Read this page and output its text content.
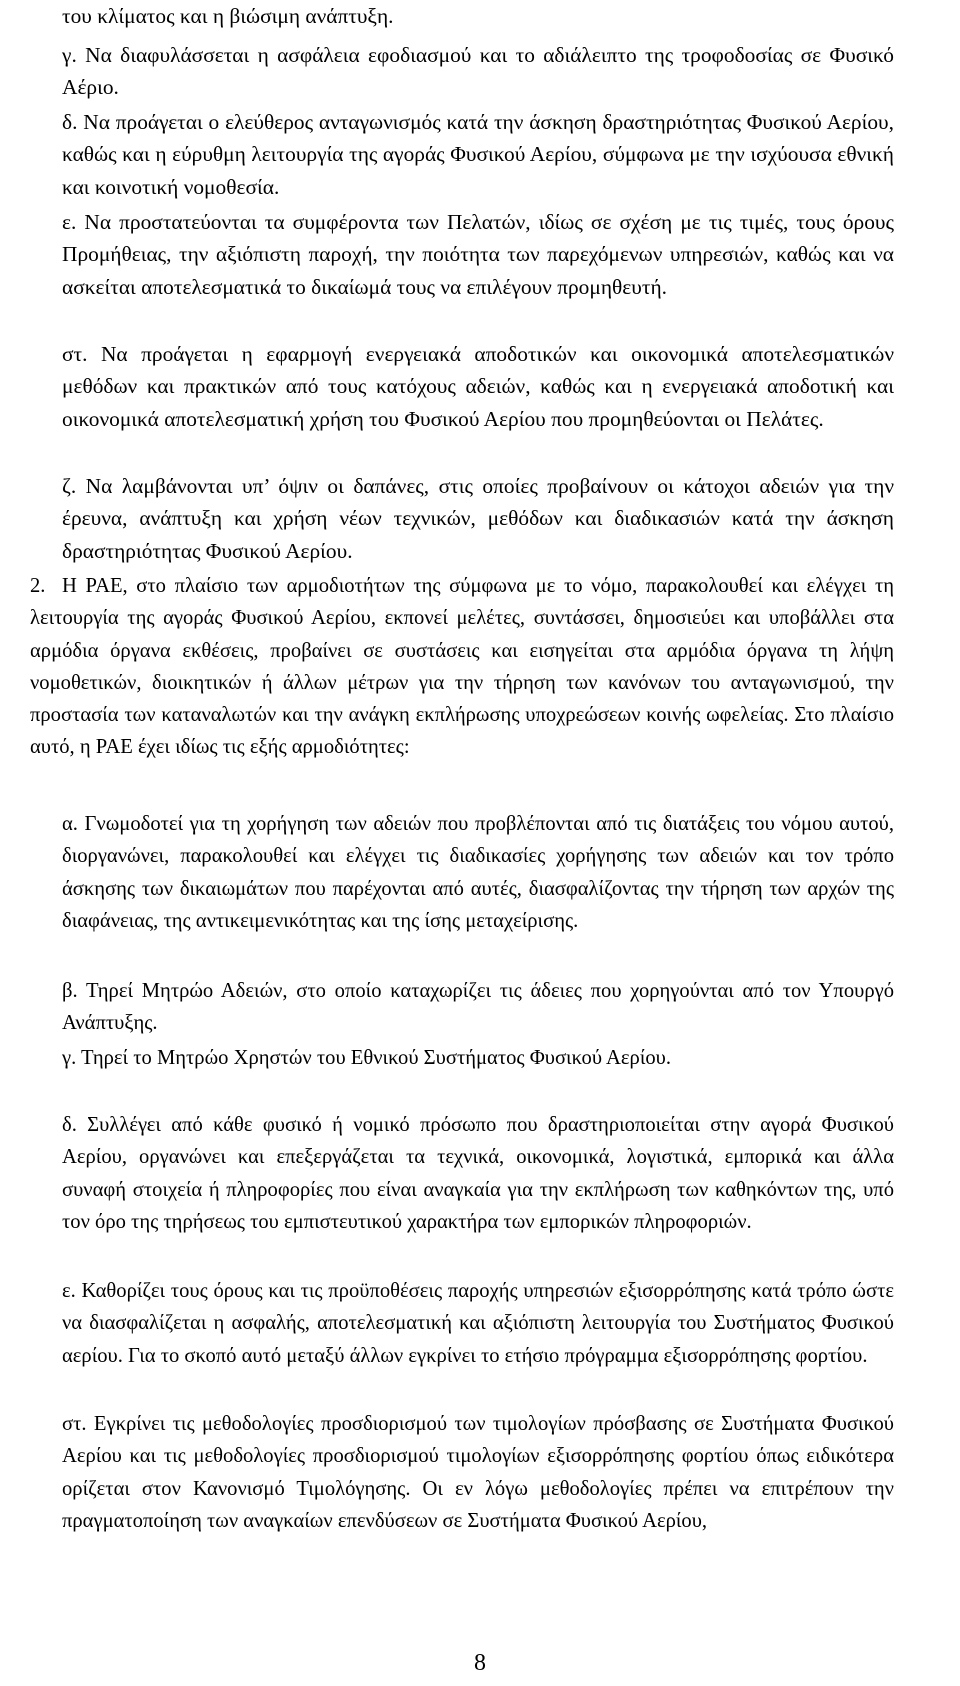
του κλίματος και η βιώσιμη ανάπτυξη.

γ. Να διαφυλάσσεται η ασφάλεια εφοδιασμού και το αδιάλειπτο της τροφοδοσίας σε Φυσικό Αέριο.

δ. Να προάγεται ο ελεύθερος ανταγωνισμός κατά την άσκηση δραστηριότητας Φυσικού Αερίου, καθώς και η εύρυθμη λειτουργία της αγοράς Φυσικού Αερίου, σύμφωνα με την ισχύουσα εθνική και κοινοτική νομοθεσία.

ε. Να προστατεύονται τα συμφέροντα των Πελατών, ιδίως σε σχέση με τις τιμές, τους όρους Προμήθειας, την αξιόπιστη παροχή, την ποιότητα των παρεχόμενων υπηρεσιών, καθώς και να ασκείται αποτελεσματικά το δικαίωμά τους να επιλέγουν προμηθευτή.

στ. Να προάγεται η εφαρμογή ενεργειακά αποδοτικών και οικονομικά αποτελεσματικών μεθόδων και πρακτικών από τους κατόχους αδειών, καθώς και η ενεργειακά αποδοτική και οικονομικά αποτελεσματική χρήση του Φυσικού Αερίου που προμηθεύονται οι Πελάτες.

ζ. Να λαμβάνονται υπ’ όψιν οι δαπάνες, στις οποίες προβαίνουν οι κάτοχοι αδειών για την έρευνα, ανάπτυξη και χρήση νέων τεχνικών, μεθόδων και διαδικασιών κατά την άσκηση δραστηριότητας Φυσικού Αερίου.

2. Η ΡΑΕ, στο πλαίσιο των αρμοδιοτήτων της σύμφωνα με το νόμο, παρακολουθεί και ελέγχει τη λειτουργία της αγοράς Φυσικού Αερίου, εκπονεί μελέτες, συντάσσει, δημοσιεύει και υποβάλλει στα αρμόδια όργανα εκθέσεις, προβαίνει σε συστάσεις και εισηγείται στα αρμόδια όργανα τη λήψη νομοθετικών, διοικητικών ή άλλων μέτρων για την τήρηση των κανόνων του ανταγωνισμού, την προστασία των καταναλωτών και την ανάγκη εκπλήρωσης υποχρεώσεων κοινής ωφελείας. Στο πλαίσιο αυτό, η ΡΑΕ έχει ιδίως τις εξής αρμοδιότητες:

α. Γνωμοδοτεί για τη χορήγηση των αδειών που προβλέπονται από τις διατάξεις του νόμου αυτού, διοργανώνει, παρακολουθεί και ελέγχει τις διαδικασίες χορήγησης των αδειών και τον τρόπο άσκησης των δικαιωμάτων που παρέχονται από αυτές, διασφαλίζοντας την τήρηση των αρχών της διαφάνειας, της αντικειμενικότητας και της ίσης μεταχείρισης.

β. Τηρεί Μητρώο Αδειών, στο οποίο καταχωρίζει τις άδειες που χορηγούνται από τον Υπουργό Ανάπτυξης.

γ. Τηρεί το Μητρώο Χρηστών του Εθνικού Συστήματος Φυσικού Αερίου.

δ. Συλλέγει από κάθε φυσικό ή νομικό πρόσωπο που δραστηριοποιείται στην αγορά Φυσικού Αερίου, οργανώνει και επεξεργάζεται τα τεχνικά, οικονομικά, λογιστικά, εμπορικά και άλλα συναφή στοιχεία ή πληροφορίες που είναι αναγκαία για την εκπλήρωση των καθηκόντων της, υπό τον όρο της τηρήσεως του εμπιστευτικού χαρακτήρα των εμπορικών πληροφοριών.

ε. Καθορίζει τους όρους και τις προϋποθέσεις παροχής υπηρεσιών εξισορρόπησης κατά τρόπο ώστε να διασφαλίζεται η ασφαλής, αποτελεσματική και αξιόπιστη λειτουργία του Συστήματος Φυσικού αερίου. Για το σκοπό αυτό μεταξύ άλλων εγκρίνει το ετήσιο πρόγραμμα εξισορρόπησης φορτίου.

στ. Εγκρίνει τις μεθοδολογίες προσδιορισμού των τιμολογίων πρόσβασης σε Συστήματα Φυσικού Αερίου και τις μεθοδολογίες προσδιορισμού τιμολογίων εξισορρόπησης φορτίου όπως ειδικότερα ορίζεται στον Κανονισμό Τιμολόγησης. Οι εν λόγω μεθοδολογίες πρέπει να επιτρέπουν την πραγματοποίηση των αναγκαίων επενδύσεων σε Συστήματα Φυσικού Αερίου,

8
